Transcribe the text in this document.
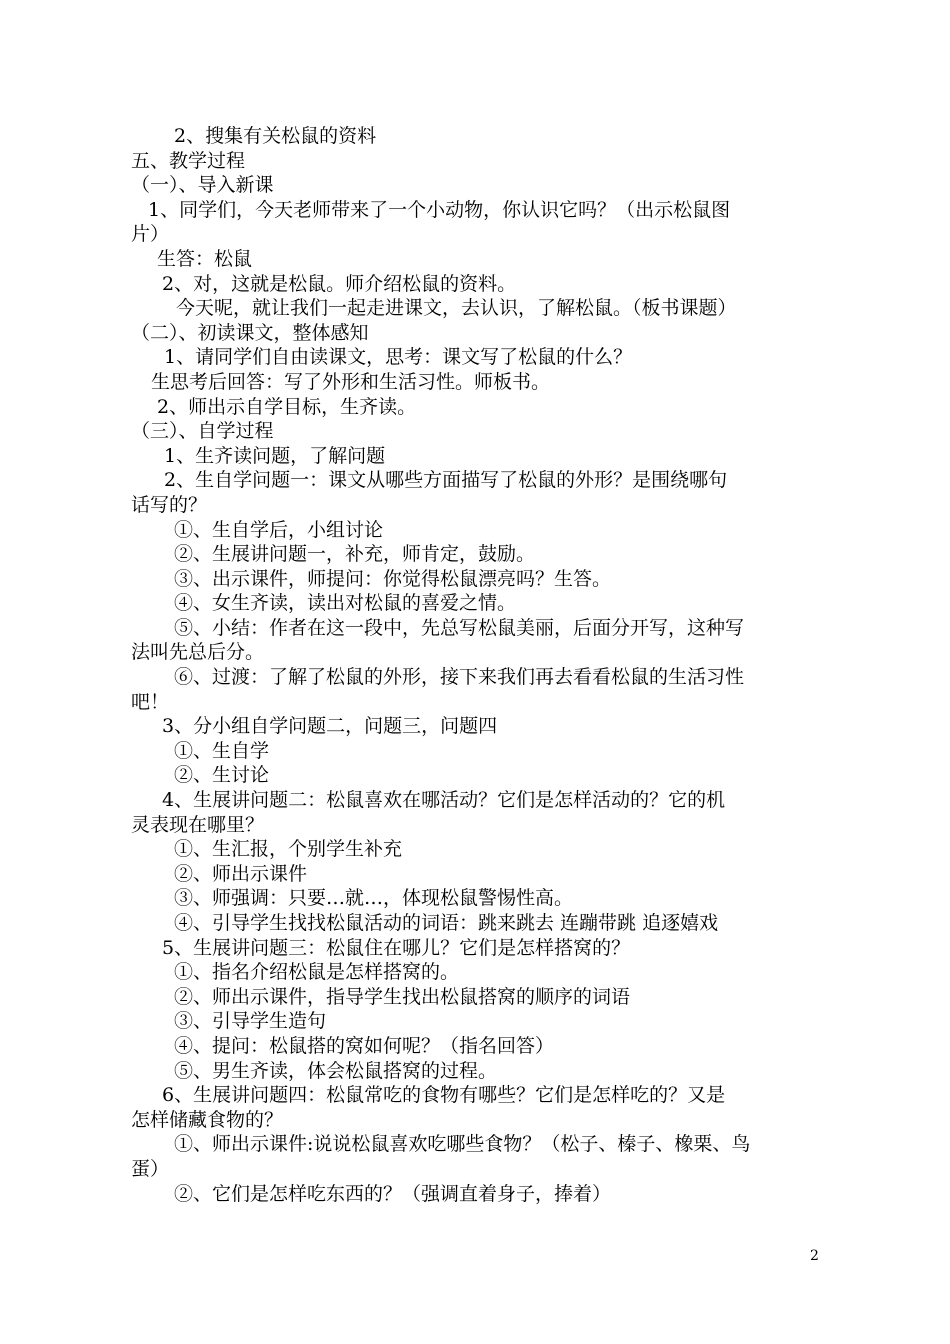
2、搜集有关松鼠的资料
五、教学过程
（一）、导入新课
1、同学们，今天老师带来了一个小动物，你认识它吗？（出示松鼠图
片）
生答：松鼠
2、对，这就是松鼠。师介绍松鼠的资料。
今天呢，就让我们一起走进课文，去认识，了解松鼠。（板书课题）
（二）、初读课文，整体感知
1、请同学们自由读课文，思考：课文写了松鼠的什么？
生思考后回答：写了外形和生活习性。师板书。
2、师出示自学目标，生齐读。
（三）、自学过程
1、生齐读问题，了解问题
2、生自学问题一：课文从哪些方面描写了松鼠的外形？是围绕哪句
话写的？
①、生自学后，小组讨论
②、生展讲问题一，补充，师肯定，鼓励。
③、出示课件，师提问：你觉得松鼠漂亮吗？生答。
④、女生齐读，读出对松鼠的喜爱之情。
⑤、小结：作者在这一段中，先总写松鼠美丽，后面分开写，这种写
法叫先总后分。
⑥、过渡：了解了松鼠的外形，接下来我们再去看看松鼠的生活习性
吧！
3、分小组自学问题二，问题三，问题四
①、生自学
②、生讨论
4、生展讲问题二：松鼠喜欢在哪活动？它们是怎样活动的？它的机
灵表现在哪里？
①、生汇报，个别学生补充
②、师出示课件
③、师强调：只要…就…，体现松鼠警惕性高。
④、引导学生找找松鼠活动的词语：跳来跳去 连蹦带跳 追逐嬉戏
5、生展讲问题三：松鼠住在哪儿？它们是怎样搭窝的？
①、指名介绍松鼠是怎样搭窝的。
②、师出示课件，指导学生找出松鼠搭窝的顺序的词语
③、引导学生造句
④、提问：松鼠搭的窝如何呢？（指名回答）
⑤、男生齐读，体会松鼠搭窝的过程。
6、生展讲问题四：松鼠常吃的食物有哪些？它们是怎样吃的？又是
怎样储藏食物的？
①、师出示课件:说说松鼠喜欢吃哪些食物？（松子、榛子、橡栗、鸟
蛋）
②、它们是怎样吃东西的？（强调直着身子，捧着）
2
